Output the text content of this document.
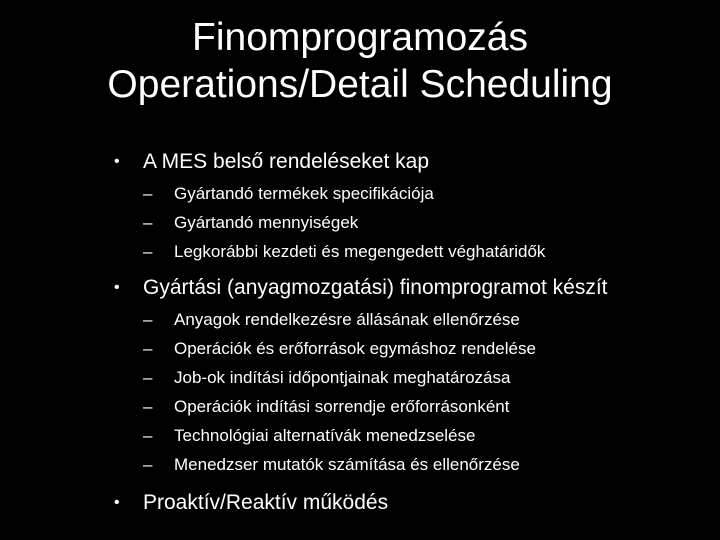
Finomprogramozás
Operations/Detail Scheduling
• A MES belső rendeléseket kap
– Gyártandó termékek specifikációja
– Gyártandó mennyiségek
– Legkorábbi kezdeti és megengedett véghatáridők
• Gyártási (anyagmozgatási) finomprogramot készít
– Anyagok rendelkezésre állásának ellenőrzése
– Operációk és erőforrások egymáshoz rendelése
– Job-ok indítási időpontjainak meghatározása
– Operációk indítási sorrendje erőforrásonként
– Technológiai alternatívák menedzselése
– Menedzser mutatók számítása és ellenőrzése
• Proaktív/Reaktív működés
